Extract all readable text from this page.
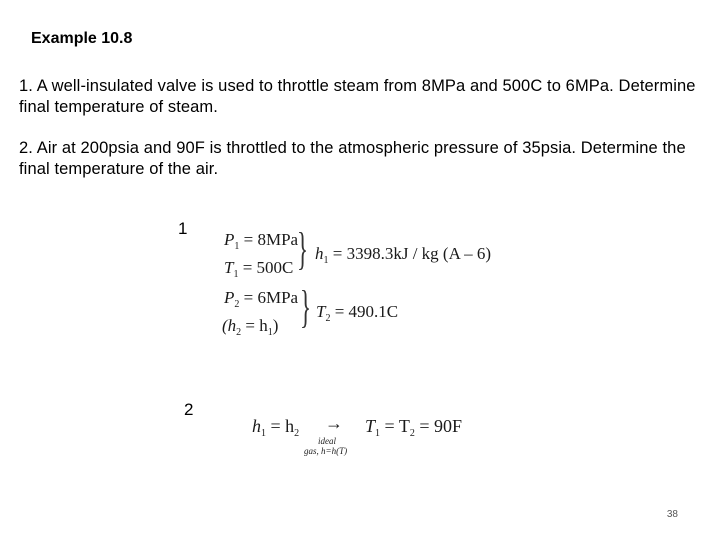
Example 10.8
1. A well-insulated valve is used to throttle steam from 8MPa and 500C to 6MPa. Determine final temperature of steam.
2. Air at 200psia and 90F is throttled to the atmospheric pressure of 35psia. Determine the final temperature of the air.
1
$P_1 = 8MPa$
$T_1 = 500C$ } $h_1 = 3398.3kJ$ / kg (A – 6)
$P_2 = 6MPa$
$(h_2 = h_1)$ } $T_2 = 490.1C$
2
$h_1 = h_2$
→
ideal
gas, h=h(T)
$T_1 = T_2 = 90F$
38
